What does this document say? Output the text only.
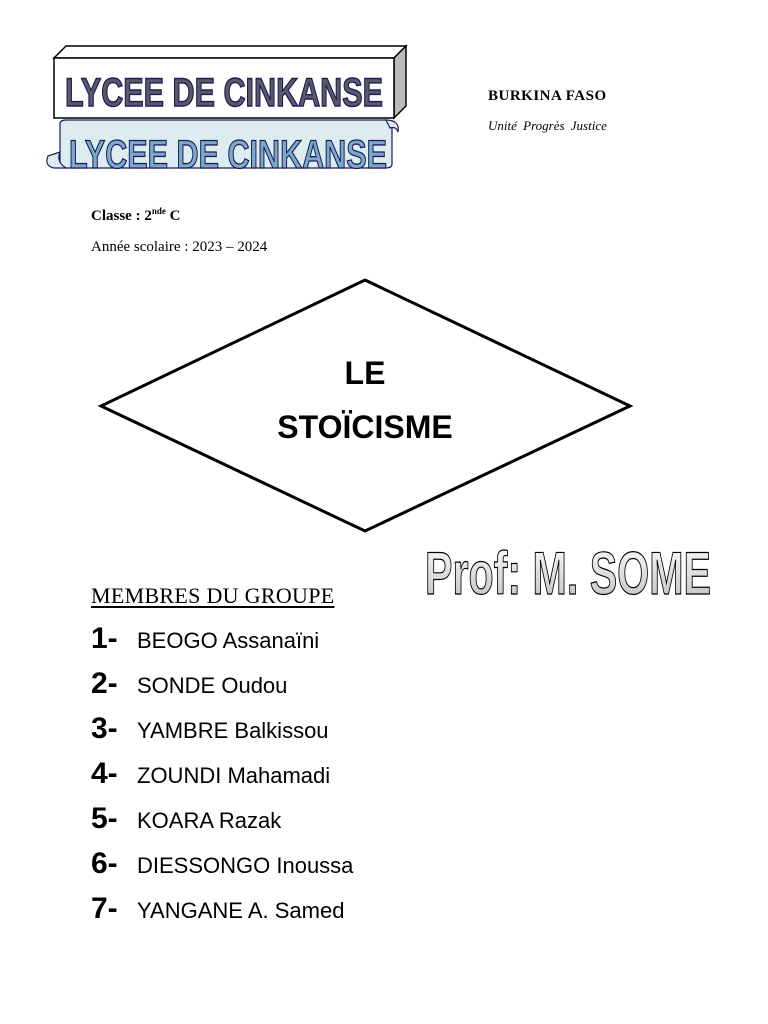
LYCEE DE CINKANSE
LYCEE DE CINKANSE
BURKINA FASO
Unité Progrès Justice
Classe : 2nde C
Année scolaire : 2023 – 2024
LE
STOÏCISME
Prof: M. SOME
MEMBRES DU GROUPE
1- BEOGO Assanaïni
2- SONDE Oudou
3- YAMBRE Balkissou
4- ZOUNDI Mahamadi
5- KOARA Razak
6- DIESSONGO Inoussa
7- YANGANE A. Samed
